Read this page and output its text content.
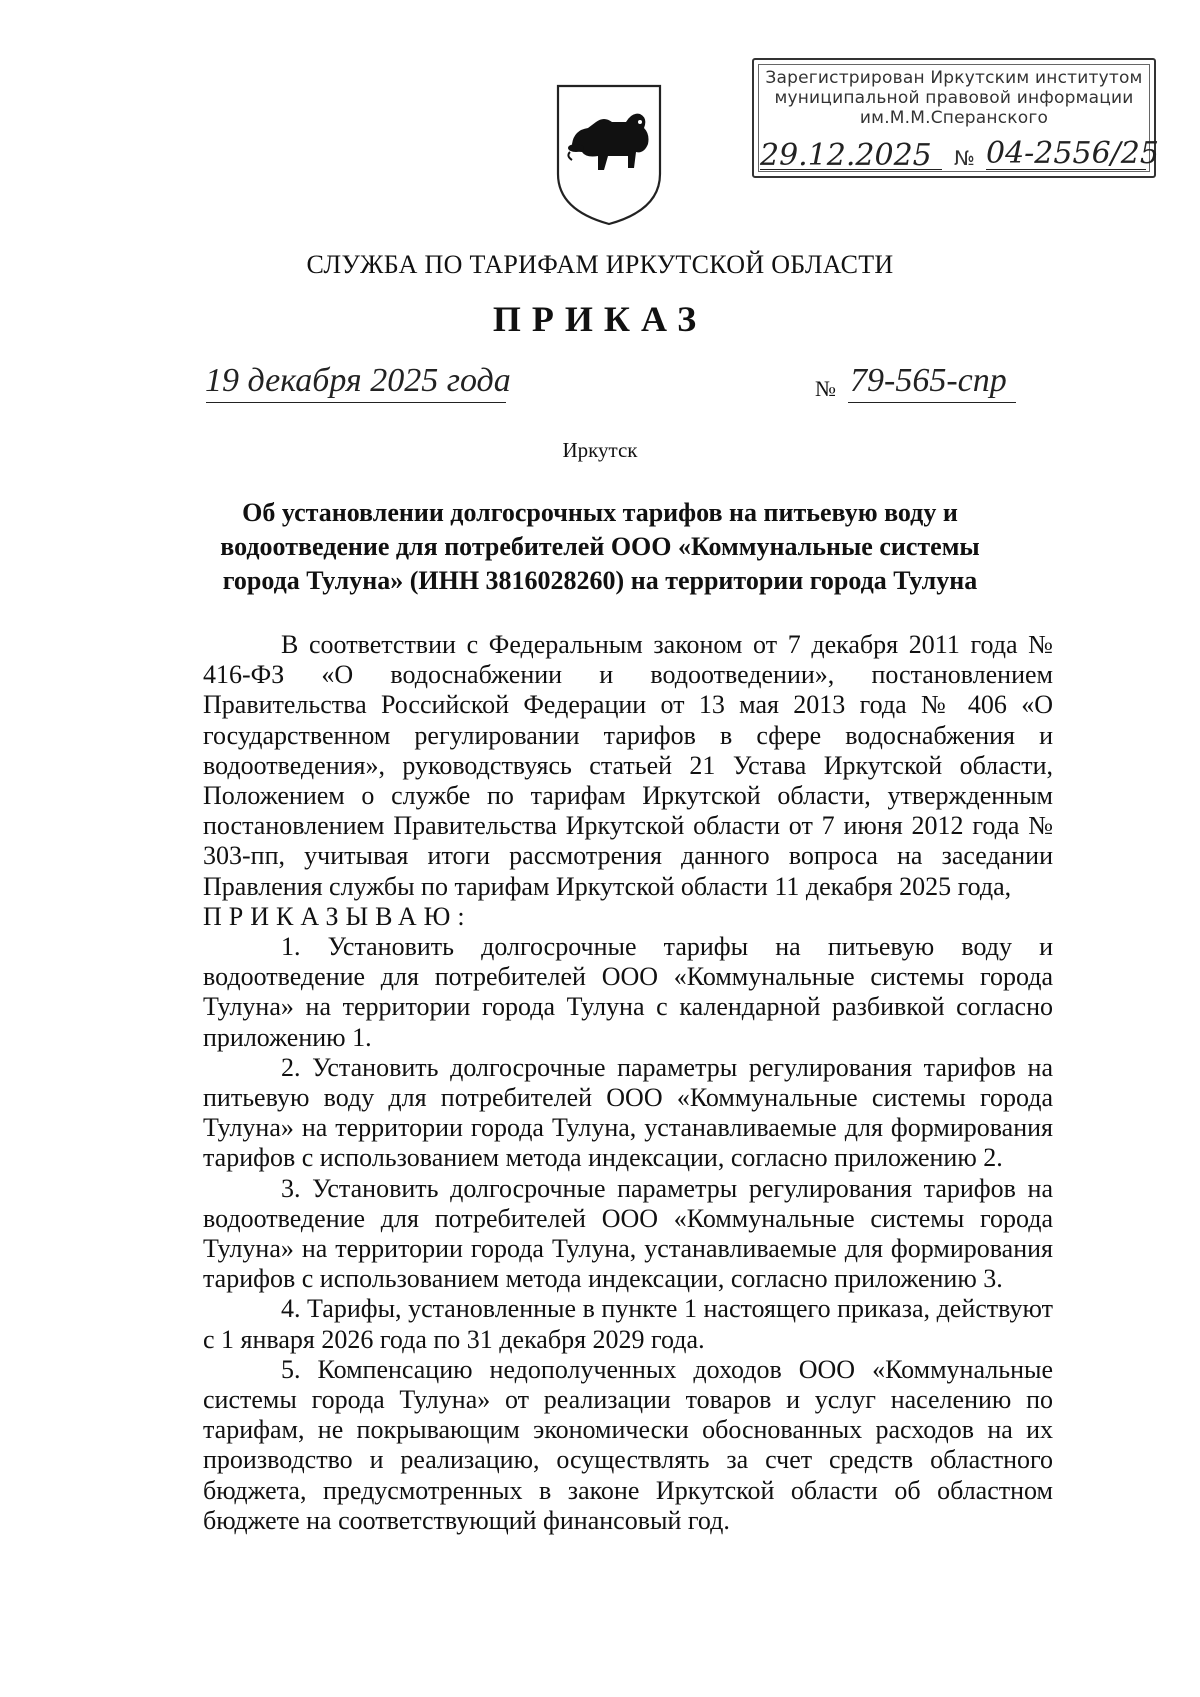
Зарегистрирован Иркутским институтом
муниципальной правовой информации
им.М.М.Сперанского
29.12.2025 № 04-2556/25
СЛУЖБА ПО ТАРИФАМ ИРКУТСКОЙ ОБЛАСТИ
ПРИКАЗ
19 декабря 2025 года	№ 79-565-спр
Иркутск
Об установлении долгосрочных тарифов на питьевую воду и водоотведение для потребителей ООО «Коммунальные системы города Тулуна» (ИНН 3816028260) на территории города Тулуна

В соответствии с Федеральным законом от 7 декабря 2011 года № 416-ФЗ «О водоснабжении и водоотведении», постановлением Правительства Российской Федерации от 13 мая 2013 года № 406 «О государственном регулировании тарифов в сфере водоснабжения и водоотведения», руководствуясь статьей 21 Устава Иркутской области, Положением о службе по тарифам Иркутской области, утвержденным постановлением Правительства Иркутской области от 7 июня 2012 года № 303-пп, учитывая итоги рассмотрения данного вопроса на заседании Правления службы по тарифам Иркутской области 11 декабря 2025 года,

ПРИКАЗЫВАЮ:

1. Установить долгосрочные тарифы на питьевую воду и водоотведение для потребителей ООО «Коммунальные системы города Тулуна» на территории города Тулуна с календарной разбивкой согласно приложению 1.

2. Установить долгосрочные параметры регулирования тарифов на питьевую воду для потребителей ООО «Коммунальные системы города Тулуна» на территории города Тулуна, устанавливаемые для формирования тарифов с использованием метода индексации, согласно приложению 2.

3. Установить долгосрочные параметры регулирования тарифов на водоотведение для потребителей ООО «Коммунальные системы города Тулуна» на территории города Тулуна, устанавливаемые для формирования тарифов с использованием метода индексации, согласно приложению 3.

4. Тарифы, установленные в пункте 1 настоящего приказа, действуют с 1 января 2026 года по 31 декабря 2029 года.

5. Компенсацию недополученных доходов ООО «Коммунальные системы города Тулуна» от реализации товаров и услуг населению по тарифам, не покрывающим экономически обоснованных расходов на их производство и реализацию, осуществлять за счет средств областного бюджета, предусмотренных в законе Иркутской области об областном бюджете на соответствующий финансовый год.
